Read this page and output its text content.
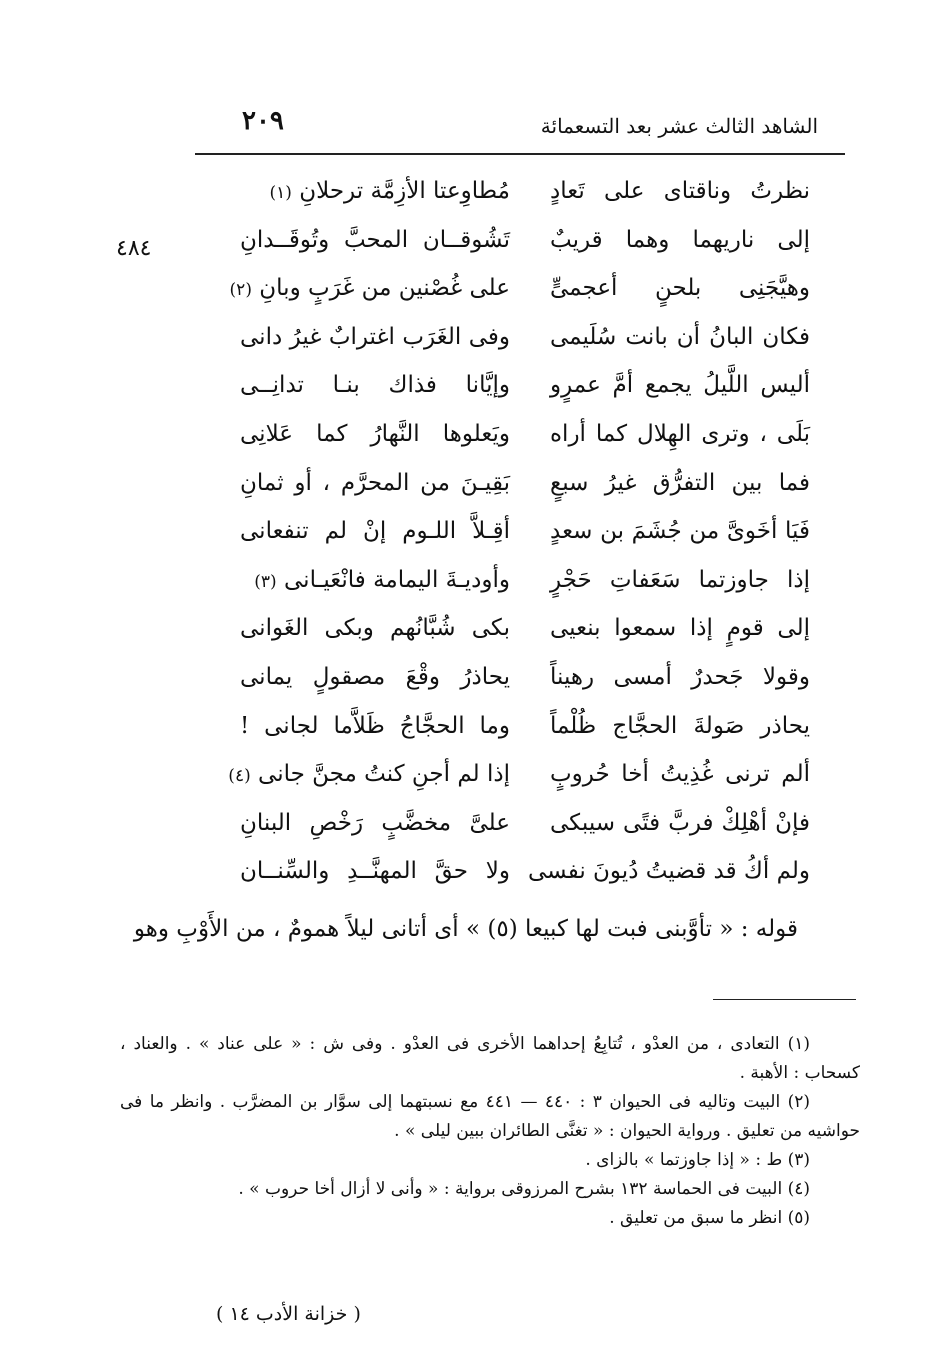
الشاهد الثالث عشر بعد التسعمائة
٢٠٩
٤٨٤
نظرتُ وناقتاى على تَعادٍ
مُطاوِعتا الأزِمَّة ترحلانِ (١)
إلى ناريهما وهما قريبٌ
تَشُوقــان المحبَّ وتُوقَــدانِ
وهيَّجَنِى بلحنٍ أعجمىٍّ
على غُصْنين من غَرَبٍ وبانِ (٢)
فكان البانُ أن بانت سُلَيمى
وفى الغَرَب اغترابٌ غيرُ دانى
أليس اللَّيلُ يجمع أمَّ عمرٍو
وإيَّانا فذاك بنـا تدانِــى
بَلَى ، وترى الهِلال كما أراه
ويَعلوها النَّهارُ كما عَلانِى
فما بين التفرُّق غيرُ سبعٍ
بَقِيـنَ من المحرَّم ، أو ثمانِ
فَيَا أخَوىَّ من جُشَمَ بن سعدٍ
أقِـلاَّ اللـوم إنْ لم تنفعانى
إذا جاوزتما سَعَفاتِ حَجْرٍ
وأوديـةَ اليمامة فانْعَيـانى (٣)
إلى قومٍ إذا سمعوا بنعيى
بكى شُبَّانُهم وبكى الغَوانى
وقولا جَحدرٌ أمسى رهيناً
يحاذرُ وقْعَ مصقولٍ يمانى
يحاذر صَولةَ الحجَّاج ظُلْماً
وما الحجَّاجُ ظَلاَّما لجانى !
ألم ترنى غُذِيتُ أخا حُروبٍ
إذا لم أجنِ كنتُ مجنَّ جانى (٤)
فإنْ أهْلِكْ فربَّ فتًى سيبكى
علىَّ مخضَّبٍ رَخْصِ البنانِ
ولم أكُ قد قضيتُ دُيونَ نفسى
ولا حقَّ المهنَّــدِ والسِّنــان
قوله : « تأوَّبنى فبت لها كبيعا (٥) » أى أتانى ليلاً همومٌ ، من الأَوْبِ وهو
(١) التعادى ، من العدْو ، تُتابِعُ إحداهما الأخرى فى العدْو . وفى ش : « على عناد » . والعناد ،
كسحاب : الأهبة .
(٢) البيت وتاليه فى الحيوان ٣ : ٤٤٠ — ٤٤١ مع نسبتهما إلى سوَّار بن المضرَّب . وانظر ما فى
حواشيه من تعليق . ورواية الحيوان : « تغنَّى الطائران ببين ليلى » .
(٣) ط : « إذا جاوزتما » بالزاى .
(٤) البيت فى الحماسة ١٣٢ بشرح المرزوقى برواية : « وأنى لا أزال أخا حروب » .
(٥) انظر ما سبق من تعليق .
( خزانة الأدب ١٤ )
